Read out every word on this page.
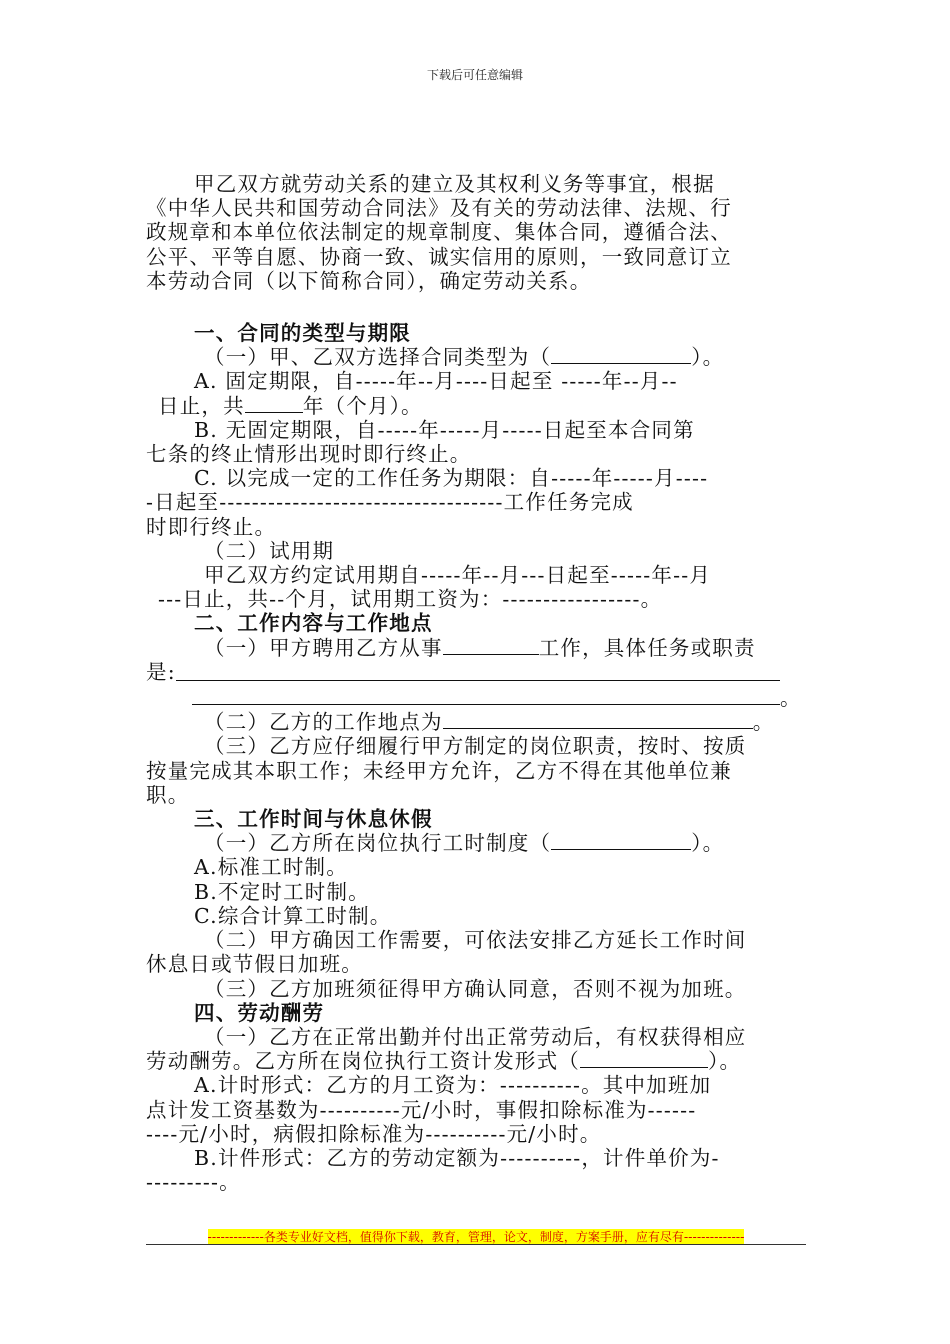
下载后可任意编辑

甲乙双方就劳动关系的建立及其权利义务等事宜，根据

《中华人民共和国劳动合同法》及有关的劳动法律、法规、行

政规章和本单位依法制定的规章制度、集体合同，遵循合法、

公平、平等自愿、协商一致、诚实信用的原则，一致同意订立

本劳动合同（以下简称合同），确定劳动关系。

一、合同的类型与期限

（一）甲、乙双方选择合同类型为（	）。

A. 固定期限，自-----年--月----日起至 -----年--月--

日止，共	年（个月）。

B. 无固定期限，自-----年-----月-----日起至本合同第

七条的终止情形出现时即行终止。

C. 以完成一定的工作任务为期限：自-----年-----月----

-日起至-----------------------------------工作任务完成

时即行终止。

（二）试用期

甲乙双方约定试用期自-----年--月---日起至-----年--月

---日止，共--个月，试用期工资为：-----------------。

二、工作内容与工作地点

（一）甲方聘用乙方从事	工作，具体任务或职责

是:

。

（二）乙方的工作地点为	。

（三）乙方应仔细履行甲方制定的岗位职责，按时、按质

按量完成其本职工作；未经甲方允许，乙方不得在其他单位兼

职。

三、工作时间与休息休假

（一）乙方所在岗位执行工时制度（	）。

A.标准工时制。

B.不定时工时制。

C.综合计算工时制。

（二）甲方确因工作需要，可依法安排乙方延长工作时间

休息日或节假日加班。

（三）乙方加班须征得甲方确认同意，否则不视为加班。

四、劳动酬劳

（一）乙方在正常出勤并付出正常劳动后，有权获得相应

劳动酬劳。乙方所在岗位执行工资计发形式（	）。

A.计时形式：乙方的月工资为：----------。其中加班加

点计发工资基数为----------元/小时，事假扣除标准为------

----元/小时，病假扣除标准为----------元/小时。

B.计件形式：乙方的劳动定额为----------，计件单价为-

---------。

-------------各类专业好文档，值得你下载，教育，管理，论文，制度，方案手册，应有尽有--------------
